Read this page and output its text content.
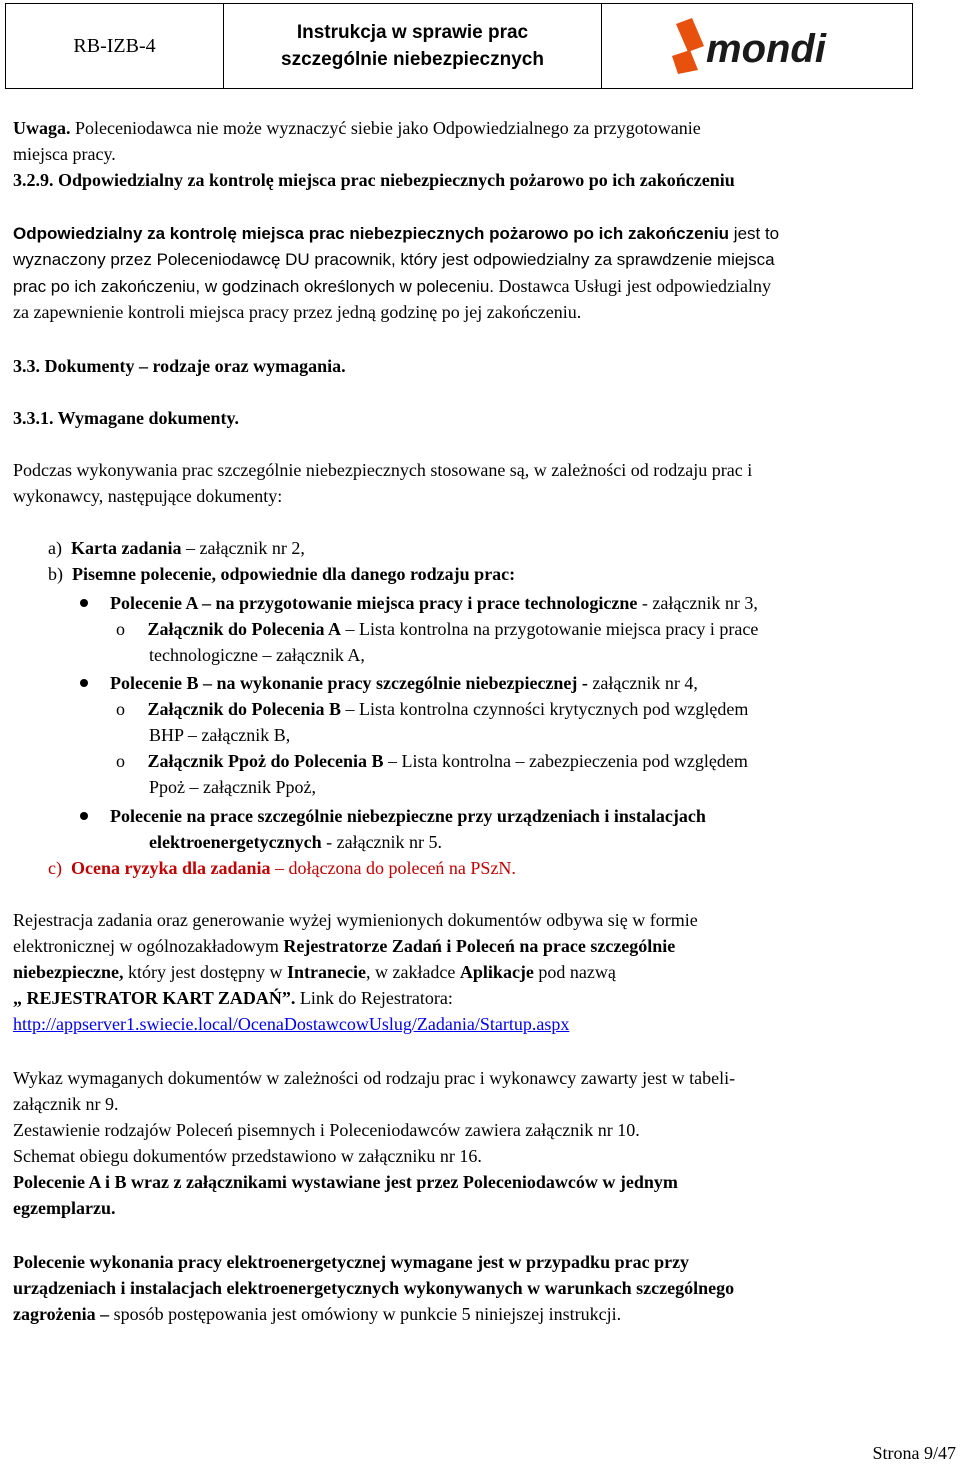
RB-IZB-4
Instrukcja w sprawie prac
szczególnie niebezpiecznych	mondi
Uwaga. Poleceniodawca nie może wyznaczyć siebie jako Odpowiedzialnego za przygotowanie
miejsca pracy.
3.2.9. Odpowiedzialny za kontrolę miejsca prac niebezpiecznych pożarowo po ich zakończeniu
Odpowiedzialny za kontrolę miejsca prac niebezpiecznych pożarowo po ich zakończeniu jest to
wyznaczony przez Poleceniodawcę DU pracownik, który jest odpowiedzialny za sprawdzenie miejsca
prac po ich zakończeniu, w godzinach określonych w poleceniu. Dostawca Usługi jest odpowiedzialny
za zapewnienie kontroli miejsca pracy przez jedną godzinę po jej zakończeniu.
3.3. Dokumenty – rodzaje oraz wymagania.
3.3.1. Wymagane dokumenty.
Podczas wykonywania prac szczególnie niebezpiecznych stosowane są, w zależności od rodzaju prac i
wykonawcy, następujące dokumenty:
a) Karta zadania – załącznik nr 2,
b) Pisemne polecenie, odpowiednie dla danego rodzaju prac:
Polecenie A – na przygotowanie miejsca pracy i prace technologiczne - załącznik nr 3,
o Załącznik do Polecenia A – Lista kontrolna na przygotowanie miejsca pracy i prace
technologiczne – załącznik A,
Polecenie B – na wykonanie pracy szczególnie niebezpiecznej - załącznik nr 4,
o Załącznik do Polecenia B – Lista kontrolna czynności krytycznych pod względem
BHP – załącznik B,
o Załącznik Ppoż do Polecenia B – Lista kontrolna – zabezpieczenia pod względem
Ppoż – załącznik Ppoż,
Polecenie na prace szczególnie niebezpieczne przy urządzeniach i instalacjach
elektroenergetycznych - załącznik nr 5.
c) Ocena ryzyka dla zadania – dołączona do poleceń na PSzN.
Rejestracja zadania oraz generowanie wyżej wymienionych dokumentów odbywa się w formie
elektronicznej w ogólnozakładowym Rejestratorze Zadań i Poleceń na prace szczególnie
niebezpieczne, który jest dostępny w Intranecie, w zakładce Aplikacje pod nazwą
„ REJESTRATOR KART ZADAŃ”. Link do Rejestratora:
http://appserver1.swiecie.local/OcenaDostawcowUslug/Zadania/Startup.aspx
Wykaz wymaganych dokumentów w zależności od rodzaju prac i wykonawcy zawarty jest w tabeli-
załącznik nr 9.
Zestawienie rodzajów Poleceń pisemnych i Poleceniodawców zawiera załącznik nr 10.
Schemat obiegu dokumentów przedstawiono w załączniku nr 16.
Polecenie A i B wraz z załącznikami wystawiane jest przez Poleceniodawców w jednym
egzemplarzu.
Polecenie wykonania pracy elektroenergetycznej wymagane jest w przypadku prac przy
urządzeniach i instalacjach elektroenergetycznych wykonywanych w warunkach szczególnego
zagrożenia – sposób postępowania jest omówiony w punkcie 5 niniejszej instrukcji.
Strona 9/47
